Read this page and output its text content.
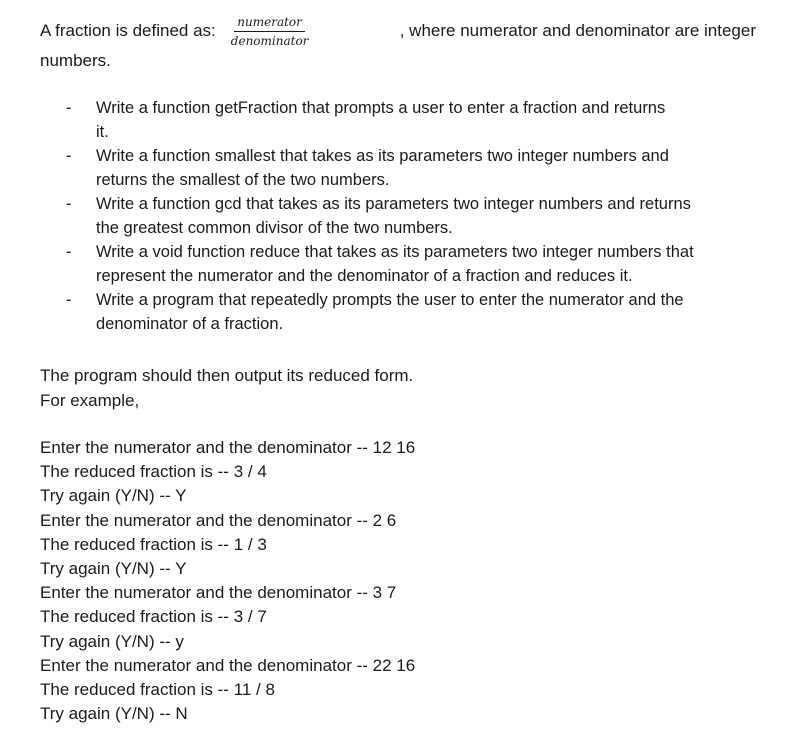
A fraction is defined as: $\frac{\text{numerator}}{\text{denominator}}$	, where numerator and denominator are integer
numbers.
- Write a function getFraction that prompts a user to enter a fraction and returns
it.
- Write a function smallest that takes as its parameters two integer numbers and
returns the smallest of the two numbers.
- Write a function gcd that takes as its parameters two integer numbers and returns
the greatest common divisor of the two numbers.
- Write a void function reduce that takes as its parameters two integer numbers that
represent the numerator and the denominator of a fraction and reduces it.
- Write a program that repeatedly prompts the user to enter the numerator and the
denominator of a fraction.
The program should then output its reduced form.
For example,
Enter the numerator and the denominator -- 12 16
The reduced fraction is -- 3 / 4
Try again (Y/N) -- Y
Enter the numerator and the denominator -- 2 6
The reduced fraction is -- 1 / 3
Try again (Y/N) -- Y
Enter the numerator and the denominator -- 3 7
The reduced fraction is -- 3 / 7
Try again (Y/N) -- y
Enter the numerator and the denominator -- 22 16
The reduced fraction is -- 11 / 8
Try again (Y/N) -- N
